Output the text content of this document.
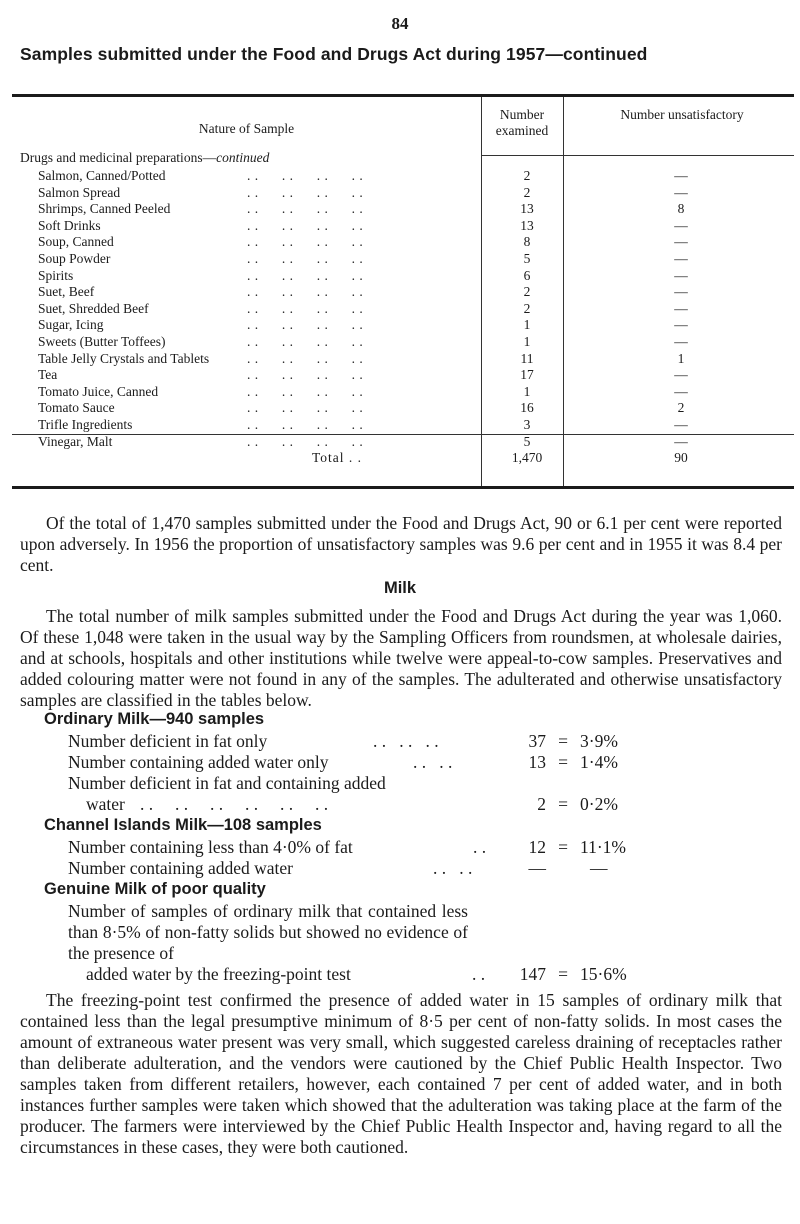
84
Samples submitted under the Food and Drugs Act during 1957—continued
Nature of Sample
Number examined
Number unsatisfactory
Drugs and medicinal preparations—continued
Salmon, Canned/Potted	. .      . .      . .      . .	2	—
Salmon Spread	. .      . .      . .      . .	2	—
Shrimps, Canned Peeled	. .      . .      . .      . .	13	8
Soft Drinks	. .      . .      . .      . .	13	—
Soup, Canned	. .      . .      . .      . .	8	—
Soup Powder	. .      . .      . .      . .	5	—
Spirits	. .      . .      . .      . .	6	—
Suet, Beef	. .      . .      . .      . .	2	—
Suet, Shredded Beef	. .      . .      . .      . .	2	—
Sugar, Icing	. .      . .      . .      . .	1	—
Sweets (Butter Toffees)	. .      . .      . .      . .	1	—
Table Jelly Crystals and Tablets	. .      . .      . .      . .	11	1
Tea	. .      . .      . .      . .	17	—
Tomato Juice, Canned	. .      . .      . .      . .	1	—
Tomato Sauce	. .      . .      . .      . .	16	2
Trifle Ingredients	. .      . .      . .      . .	3	—
Vinegar, Malt	. .      . .      . .      . .	5	—
Total . .	1,470	90

Of the total of 1,470 samples submitted under the Food and Drugs Act, 90 or 6.1 per cent were reported upon adversely. In 1956 the proportion of unsatisfactory samples was 9.6 per cent and in 1955 it was 8.4 per cent.

Milk

The total number of milk samples submitted under the Food and Drugs Act during the year was 1,060. Of these 1,048 were taken in the usual way by the Sampling Officers from roundsmen, at wholesale dairies, and at schools, hospitals and other institutions while twelve were appeal-to-cow samples. Preservatives and added colouring matter were not found in any of the samples. The adulterated and otherwise unsatisfactory samples are classified in the tables below.

Ordinary Milk—940 samples
Number deficient in fat only	. .   . .   . .	37 = 3·9%
Number containing added water only	. .   . .	13 = 1·4%
Number deficient in fat and containing added
water . .     . .     . .     . .     . .     . .	2 = 0·2%
Channel Islands Milk—108 samples
Number containing less than 4·0% of fat	. .	12 = 11·1%
Number containing added water	. .   . .	—	—
Genuine Milk of poor quality
Number of samples of ordinary milk that contained less than 8·5% of non-fatty solids but showed no evidence of the presence of
added water by the freezing-point test	. .	147 = 15·6%

The freezing-point test confirmed the presence of added water in 15 samples of ordinary milk that contained less than the legal presumptive minimum of 8·5 per cent of non-fatty solids. In most cases the amount of extraneous water present was very small, which suggested careless draining of receptacles rather than deliberate adulteration, and the vendors were cautioned by the Chief Public Health Inspector. Two samples taken from different retailers, however, each contained 7 per cent of added water, and in both instances further samples were taken which showed that the adulteration was taking place at the farm of the producer. The farmers were interviewed by the Chief Public Health Inspector and, having regard to all the circumstances in these cases, they were both cautioned.
